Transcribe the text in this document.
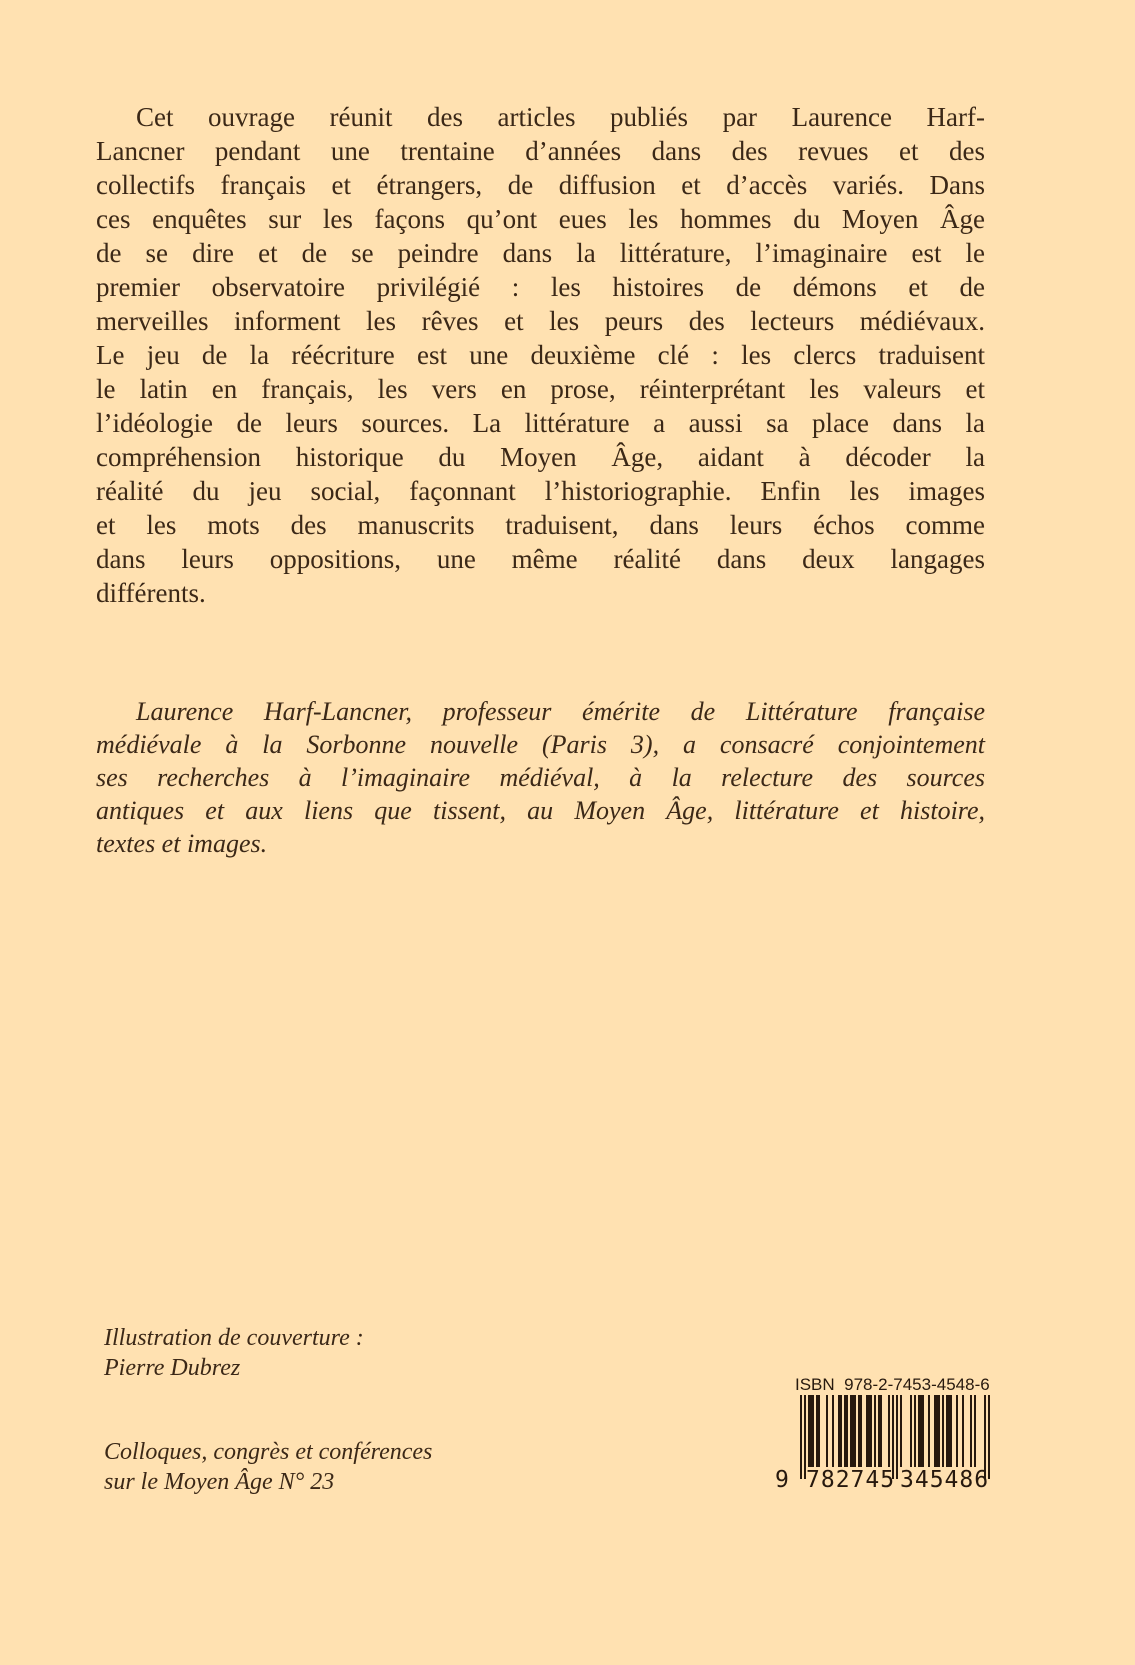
Cet ouvrage réunit des articles publiés par Laurence Harf-
Lancner pendant une trentaine d’années dans des revues et des
collectifs français et étrangers, de diffusion et d’accès variés. Dans
ces enquêtes sur les façons qu’ont eues les hommes du Moyen Âge
de se dire et de se peindre dans la littérature, l’imaginaire est le
premier observatoire privilégié : les histoires de démons et de
merveilles informent les rêves et les peurs des lecteurs médiévaux.
Le jeu de la réécriture est une deuxième clé : les clercs traduisent
le latin en français, les vers en prose, réinterprétant les valeurs et
l’idéologie de leurs sources. La littérature a aussi sa place dans la
compréhension historique du Moyen Âge, aidant à décoder la
réalité du jeu social, façonnant l’historiographie. Enfin les images
et les mots des manuscrits traduisent, dans leurs échos comme
dans leurs oppositions, une même réalité dans deux langages
différents.
Laurence Harf-Lancner, professeur émérite de Littérature française
médiévale à la Sorbonne nouvelle (Paris 3), a consacré conjointement
ses recherches à l’imaginaire médiéval, à la relecture des sources
antiques et aux liens que tissent, au Moyen Âge, littérature et histoire,
textes et images.
Illustration de couverture :
Pierre Dubrez
Colloques, congrès et conférences
sur le Moyen Âge N° 23
ISBN  978-2-7453-4548-6
9 782745 345486
